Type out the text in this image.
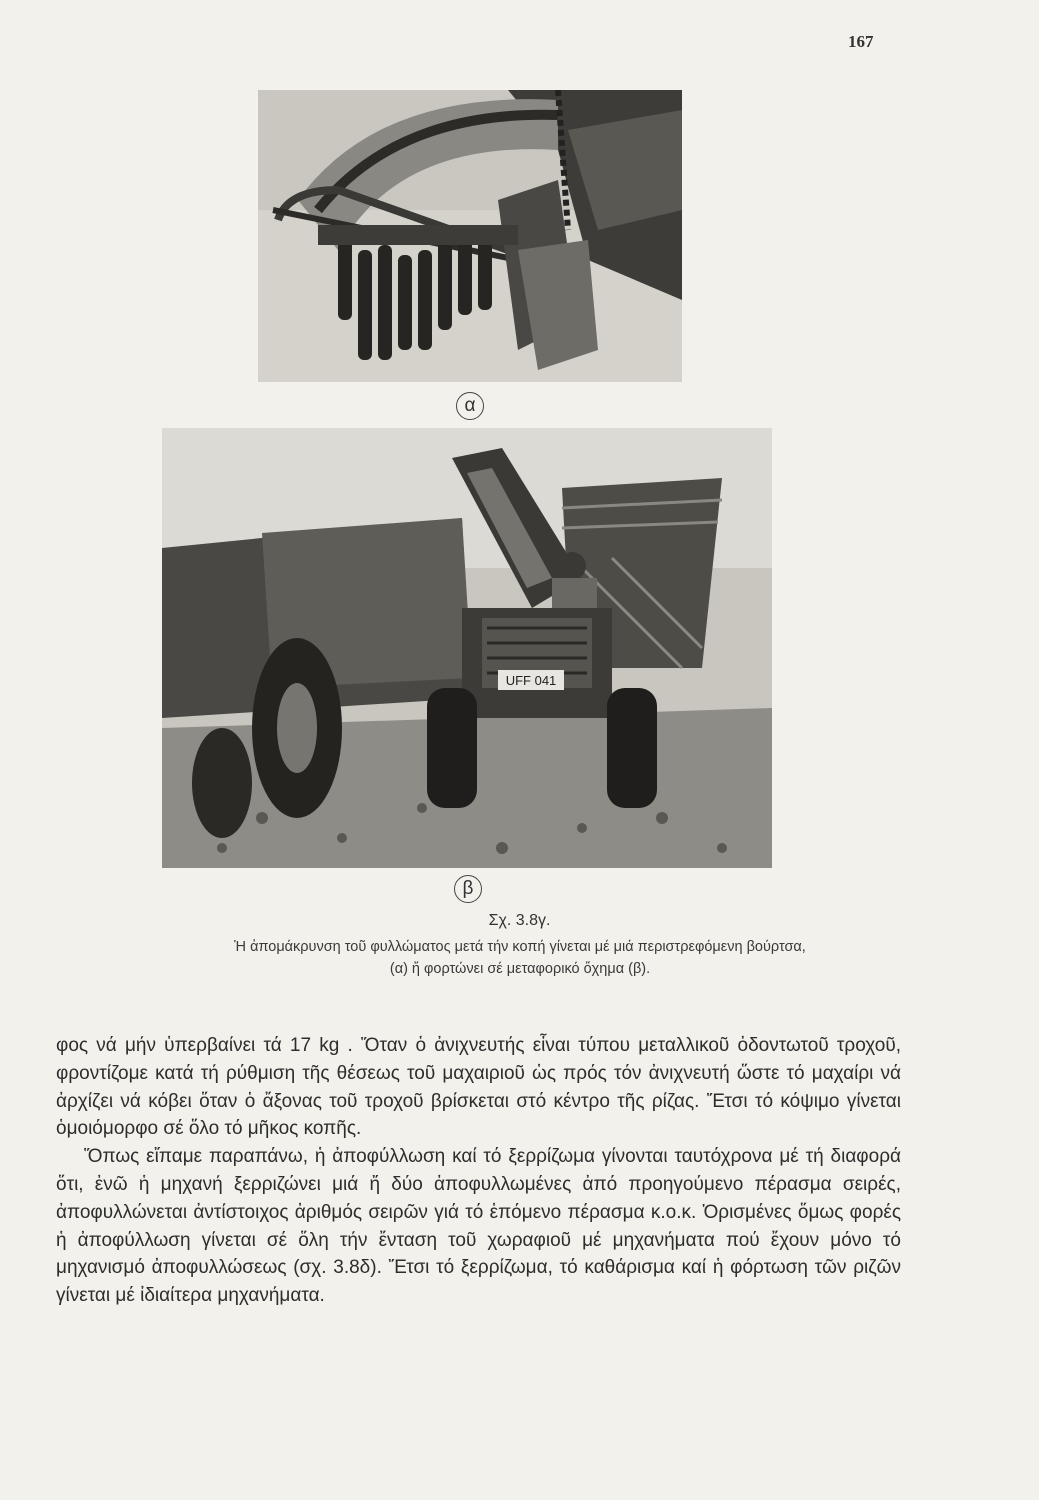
167
α
UFF 041
β
Σχ. 3.8γ.
Ἡ ἀπομάκρυνση τοῦ φυλλώματος μετά τήν κοπή γίνεται μέ μιά περιστρεφόμενη βούρτσα, (α) ἤ φορτώνει σέ μεταφορικό ὄχημα (β).

φος νά μήν ὑπερβαίνει τά 17 kg . Ὅταν ὁ ἀνιχνευτής εἶναι τύπου μεταλλικοῦ ὀδοντωτοῦ τροχοῦ, φροντίζομε κατά τή ρύθμιση τῆς θέσεως τοῦ μαχαιριοῦ ὡς πρός τόν ἀνιχνευτή ὥστε τό μαχαίρι νά ἀρχίζει νά κόβει ὅταν ὁ ἄξονας τοῦ τροχοῦ βρίσκεται στό κέντρο τῆς ρίζας. Ἔτσι τό κόψιμο γίνεται ὁμοιόμορφο σέ ὅλο τό μῆκος κοπῆς.

Ὅπως εἴπαμε παραπάνω, ἡ ἀποφύλλωση καί τό ξερρίζωμα γίνονται ταυτόχρονα μέ τή διαφορά ὅτι, ἐνῶ ἡ μηχανή ξερριζώνει μιά ἤ δύο ἀποφυλλωμένες ἀπό προηγούμενο πέρασμα σειρές, ἀποφυλλώνεται ἀντίστοιχος ἀριθμός σειρῶν γιά τό ἑπόμενο πέρασμα κ.ο.κ. Ὁρισμένες ὅμως φορές ἡ ἀποφύλλωση γίνεται σέ ὅλη τήν ἔνταση τοῦ χωραφιοῦ μέ μηχανήματα πού ἔχουν μόνο τό μηχανισμό ἀποφυλλώσεως (σχ. 3.8δ). Ἔτσι τό ξερρίζωμα, τό καθάρισμα καί ἡ φόρτωση τῶν ριζῶν γίνεται μέ ἰδιαίτερα μηχανήματα.
